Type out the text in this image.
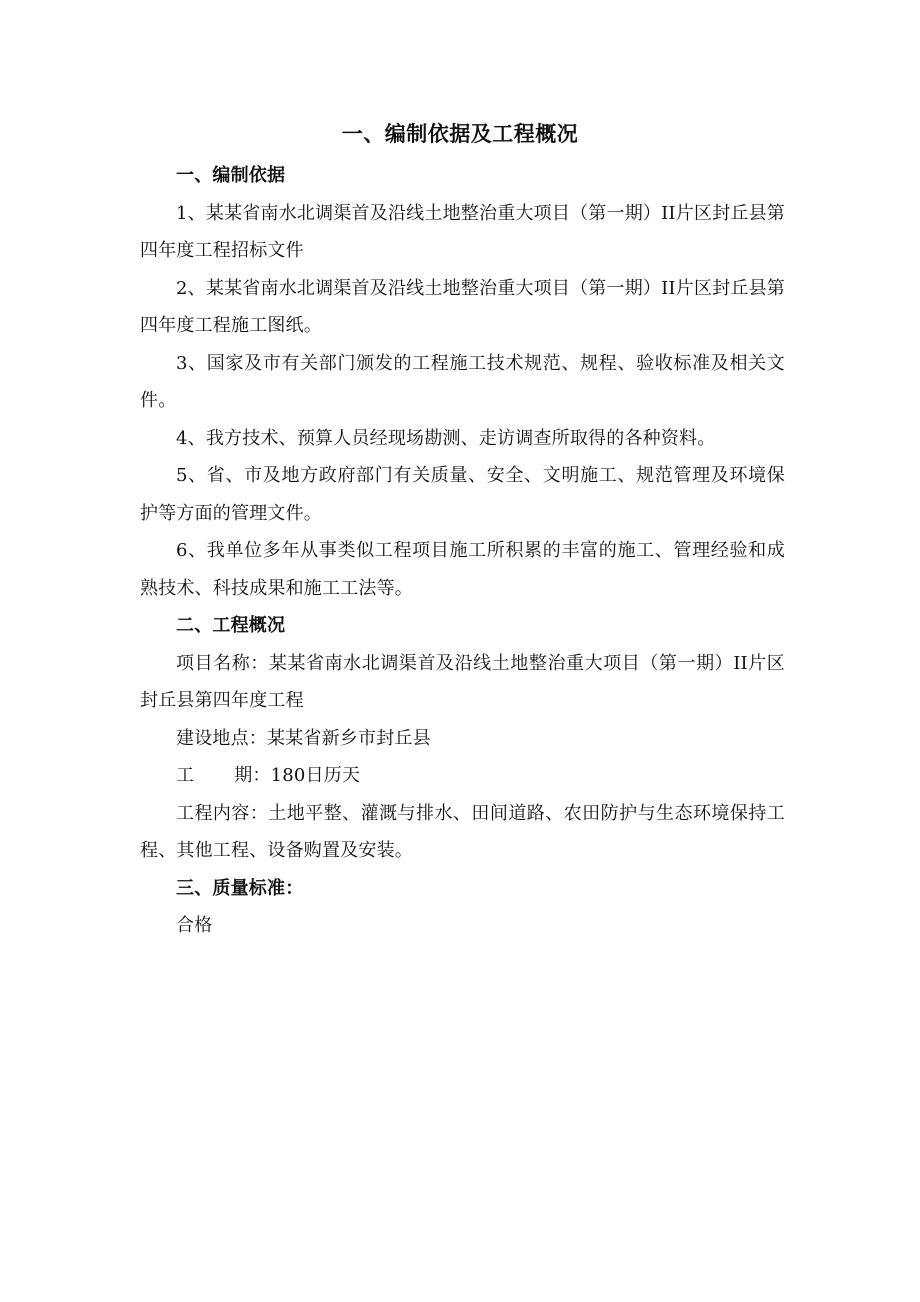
一、编制依据及工程概况

一、编制依据

1、某某省南水北调渠首及沿线土地整治重大项目（第一期）II片区封丘县第四年度工程招标文件

2、某某省南水北调渠首及沿线土地整治重大项目（第一期）II片区封丘县第四年度工程施工图纸。

3、国家及市有关部门颁发的工程施工技术规范、规程、验收标准及相关文件。

4、我方技术、预算人员经现场勘测、走访调查所取得的各种资料。

5、省、市及地方政府部门有关质量、安全、文明施工、规范管理及环境保护等方面的管理文件。

6、我单位多年从事类似工程项目施工所积累的丰富的施工、管理经验和成熟技术、科技成果和施工工法等。

二、工程概况

项目名称：某某省南水北调渠首及沿线土地整治重大项目（第一期）II片区封丘县第四年度工程

建设地点：某某省新乡市封丘县

工 期：180日历天

工程内容：土地平整、灌溉与排水、田间道路、农田防护与生态环境保持工程、其他工程、设备购置及安装。

三、质量标准：

合格
